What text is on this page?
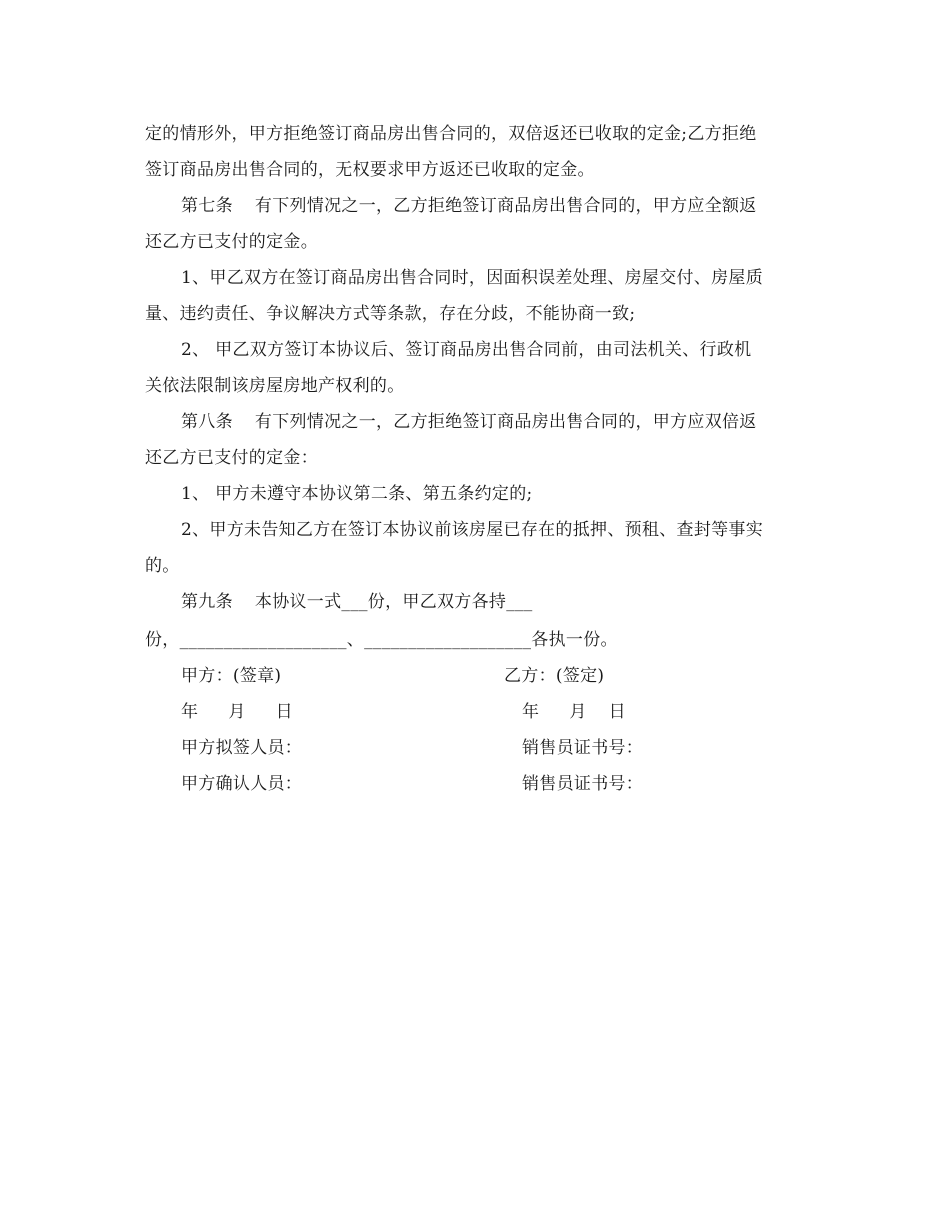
定的情形外，甲方拒绝签订商品房出售合同的，双倍返还已收取的定金;乙方拒绝
签订商品房出售合同的，无权要求甲方返还已收取的定金。
第七条 有下列情况之一，乙方拒绝签订商品房出售合同的，甲方应全额返
还乙方已支付的定金。
1、甲乙双方在签订商品房出售合同时，因面积误差处理、房屋交付、房屋质
量、违约责任、争议解决方式等条款，存在分歧，不能协商一致;
2、 甲乙双方签订本协议后、签订商品房出售合同前，由司法机关、行政机
关依法限制该房屋房地产权利的。
第八条 有下列情况之一，乙方拒绝签订商品房出售合同的，甲方应双倍返
还乙方已支付的定金：
1、 甲方未遵守本协议第二条、第五条约定的;
2、甲方未告知乙方在签订本协议前该房屋已存在的抵押、预租、查封等事实
的。
第九条 本协议一式___份，甲乙双方各持___
份，___________________、___________________各执一份。
甲方：(签章)	乙方：(签定)
年 月 日	年 月 日
甲方拟签人员：	销售员证书号：
甲方确认人员：	销售员证书号：
